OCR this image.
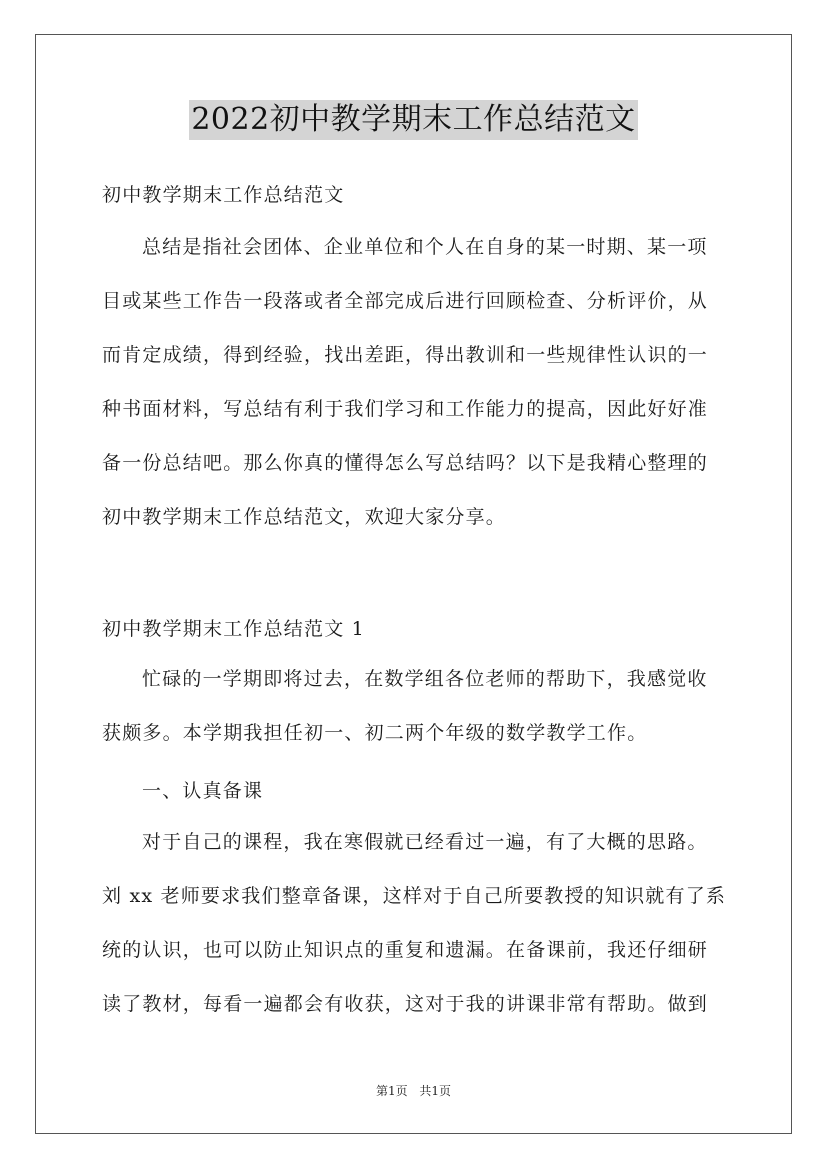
2022初中教学期末工作总结范文
初中教学期末工作总结范文
总结是指社会团体、企业单位和个人在自身的某一时期、某一项
目或某些工作告一段落或者全部完成后进行回顾检查、分析评价，从
而肯定成绩，得到经验，找出差距，得出教训和一些规律性认识的一
种书面材料，写总结有利于我们学习和工作能力的提高，因此好好准
备一份总结吧。那么你真的懂得怎么写总结吗？以下是我精心整理的
初中教学期末工作总结范文，欢迎大家分享。
初中教学期末工作总结范文 1
忙碌的一学期即将过去，在数学组各位老师的帮助下，我感觉收
获颇多。本学期我担任初一、初二两个年级的数学教学工作。
一、认真备课
对于自己的课程，我在寒假就已经看过一遍，有了大概的思路。
刘 xx 老师要求我们整章备课，这样对于自己所要教授的知识就有了系
统的认识，也可以防止知识点的重复和遗漏。在备课前，我还仔细研
读了教材，每看一遍都会有收获，这对于我的讲课非常有帮助。做到
第1页 共1页
